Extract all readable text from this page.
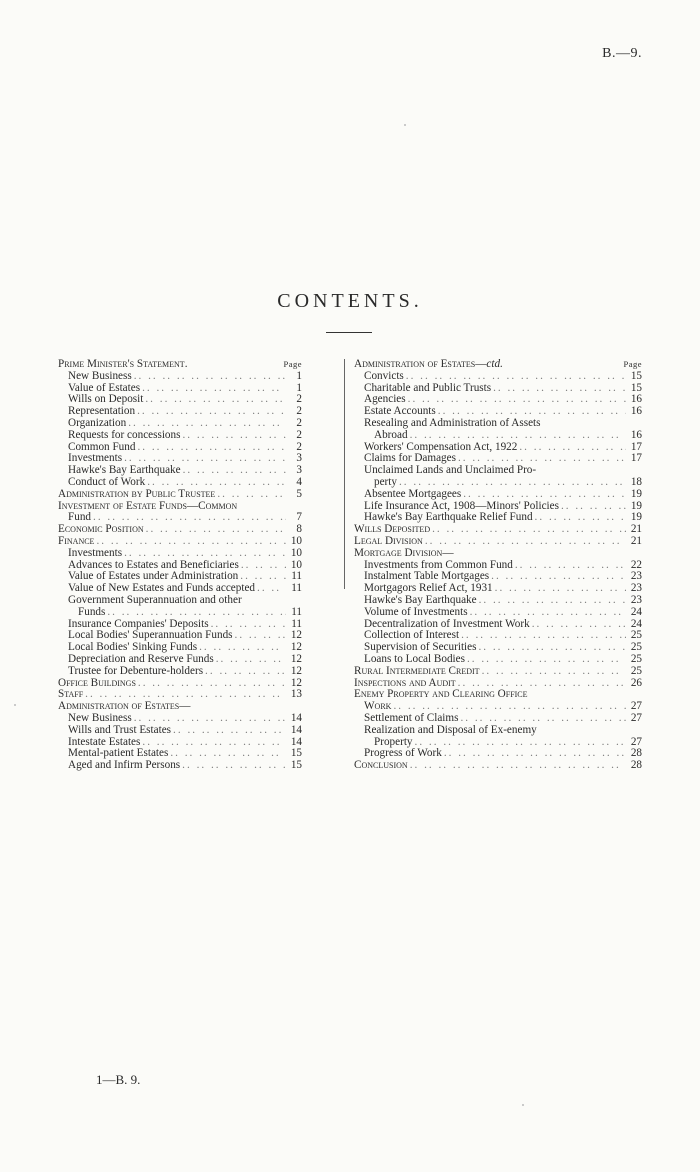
B.—9.
CONTENTS.
Prime Minister's Statement.	Page
New Business .. ..	1
Value of Estates .. ..	1
Wills on Deposit .. ..	2
Representation .. ..	2
Organization .. ..	2
Requests for concessions .. ..	2
Common Fund .. ..	2
Investments .. ..	3
Hawke's Bay Earthquake .. ..	3
Conduct of Work .. ..	4
Administration by Public Trustee .. ..	5
Investment of Estate Funds—Common
Fund .. ..	7
Economic Position .. ..	8
Finance .. ..	10
Investments .. ..	10
Advances to Estates and Beneficiaries .. ..	10
Value of Estates under Administration .. ..	11
Value of New Estates and Funds accepted .. ..	11
Government Superannuation and other
Funds .. ..	11
Insurance Companies' Deposits .. ..	11
Local Bodies' Superannuation Funds .. ..	12
Local Bodies' Sinking Funds .. ..	12
Depreciation and Reserve Funds .. ..	12
Trustee for Debenture-holders .. ..	12
Office Buildings .. ..	12
Staff .. ..	13
Administration of Estates—
New Business .. ..	14
Wills and Trust Estates .. ..	14
Intestate Estates .. ..	14
Mental-patient Estates .. ..	15
Aged and Infirm Persons .. ..	15
Administration of Estates—ctd.	Page
Convicts .. ..	15
Charitable and Public Trusts .. ..	15
Agencies .. ..	16
Estate Accounts .. ..	16
Resealing and Administration of Assets
Abroad .. ..	16
Workers' Compensation Act, 1922 .. ..	17
Claims for Damages .. ..	17
Unclaimed Lands and Unclaimed Pro-
perty .. ..	18
Absentee Mortgagees .. ..	19
Life Insurance Act, 1908—Minors' Policies .. ..	19
Hawke's Bay Earthquake Relief Fund .. ..	19
Wills Deposited .. ..	21
Legal Division .. ..	21
Mortgage Division—
Investments from Common Fund .. ..	22
Instalment Table Mortgages .. ..	23
Mortgagors Relief Act, 1931 .. ..	23
Hawke's Bay Earthquake .. ..	23
Volume of Investments .. ..	24
Decentralization of Investment Work .. ..	24
Collection of Interest .. ..	25
Supervision of Securities .. ..	25
Loans to Local Bodies .. ..	25
Rural Intermediate Credit .. ..	25
Inspections and Audit .. ..	26
Enemy Property and Clearing Office
Work .. ..	27
Settlement of Claims .. ..	27
Realization and Disposal of Ex-enemy
Property .. ..	27
Progress of Work .. ..	28
Conclusion .. ..	28
1—B. 9.
